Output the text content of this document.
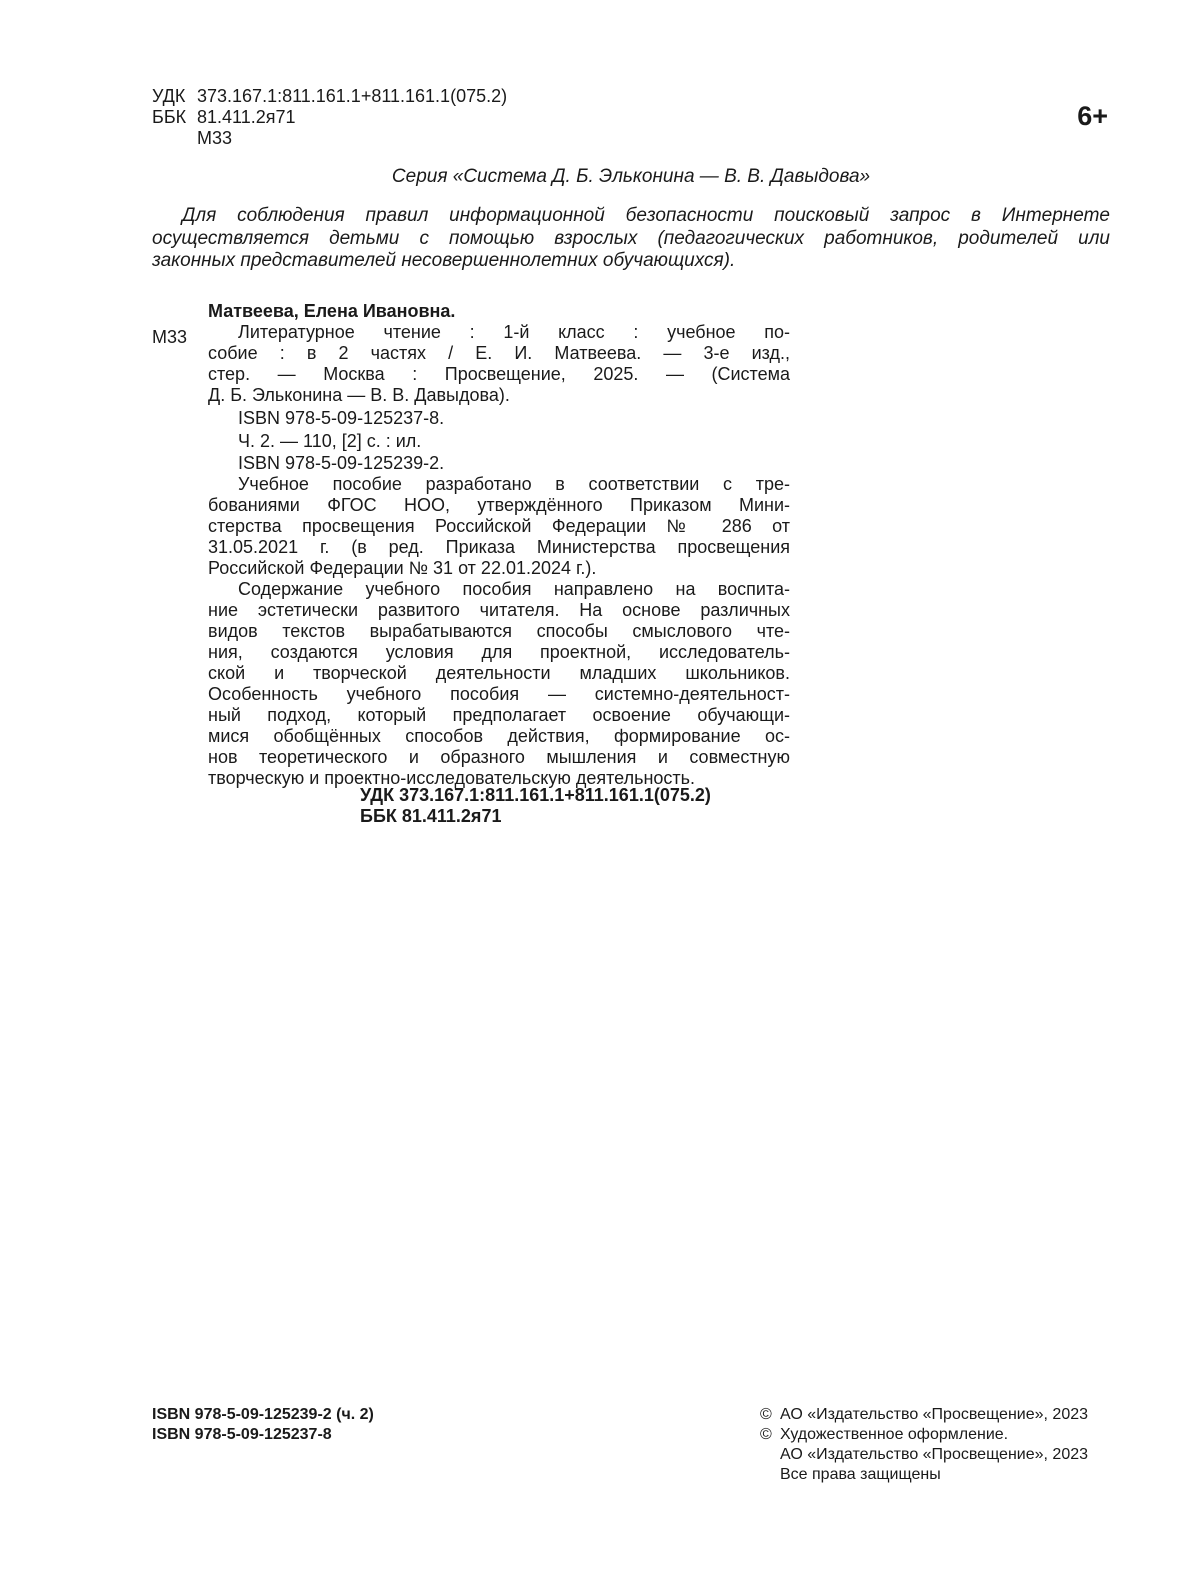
УДК 373.167.1:811.161.1+811.161.1(075.2)
ББК 81.411.2я71
М33
6+
Серия «Система Д. Б. Эльконина — В. В. Давыдова»
Для соблюдения правил информационной безопасности поисковый запрос в Интернете
осуществляется детьми с помощью взрослых (педагогических работников, родителей или
законных представителей несовершеннолетних обучающихся).
М33
Матвеева, Елена Ивановна.
Литературное чтение : 1-й класс : учебное по-
собие : в 2 частях / Е. И. Матвеева. — 3-е изд.,
стер. — Москва : Просвещение, 2025. — (Система
Д. Б. Эльконина — В. В. Давыдова).
ISBN 978-5-09-125237-8.
Ч. 2. — 110, [2] с. : ил.
ISBN 978-5-09-125239-2.
Учебное пособие разработано в соответствии с тре-
бованиями ФГОС НОО, утверждённого Приказом Мини-
стерства просвещения Российской Федерации № 286 от
31.05.2021 г. (в ред. Приказа Министерства просвещения
Российской Федерации № 31 от 22.01.2024 г.).
Содержание учебного пособия направлено на воспита-
ние эстетически развитого читателя. На основе различных
видов текстов вырабатываются способы смыслового чте-
ния, создаются условия для проектной, исследователь-
ской и творческой деятельности младших школьников.
Особенность учебного пособия — системно-деятельност-
ный подход, который предполагает освоение обучающи-
мися обобщённых способов действия, формирование ос-
нов теоретического и образного мышления и совместную
творческую и проектно-исследовательскую деятельность.
УДК 373.167.1:811.161.1+811.161.1(075.2)
ББК 81.411.2я71
ISBN 978-5-09-125239-2 (ч. 2)
ISBN 978-5-09-125237-8
© АО «Издательство «Просвещение», 2023
© Художественное оформление.
АО «Издательство «Просвещение», 2023
Все права защищены
